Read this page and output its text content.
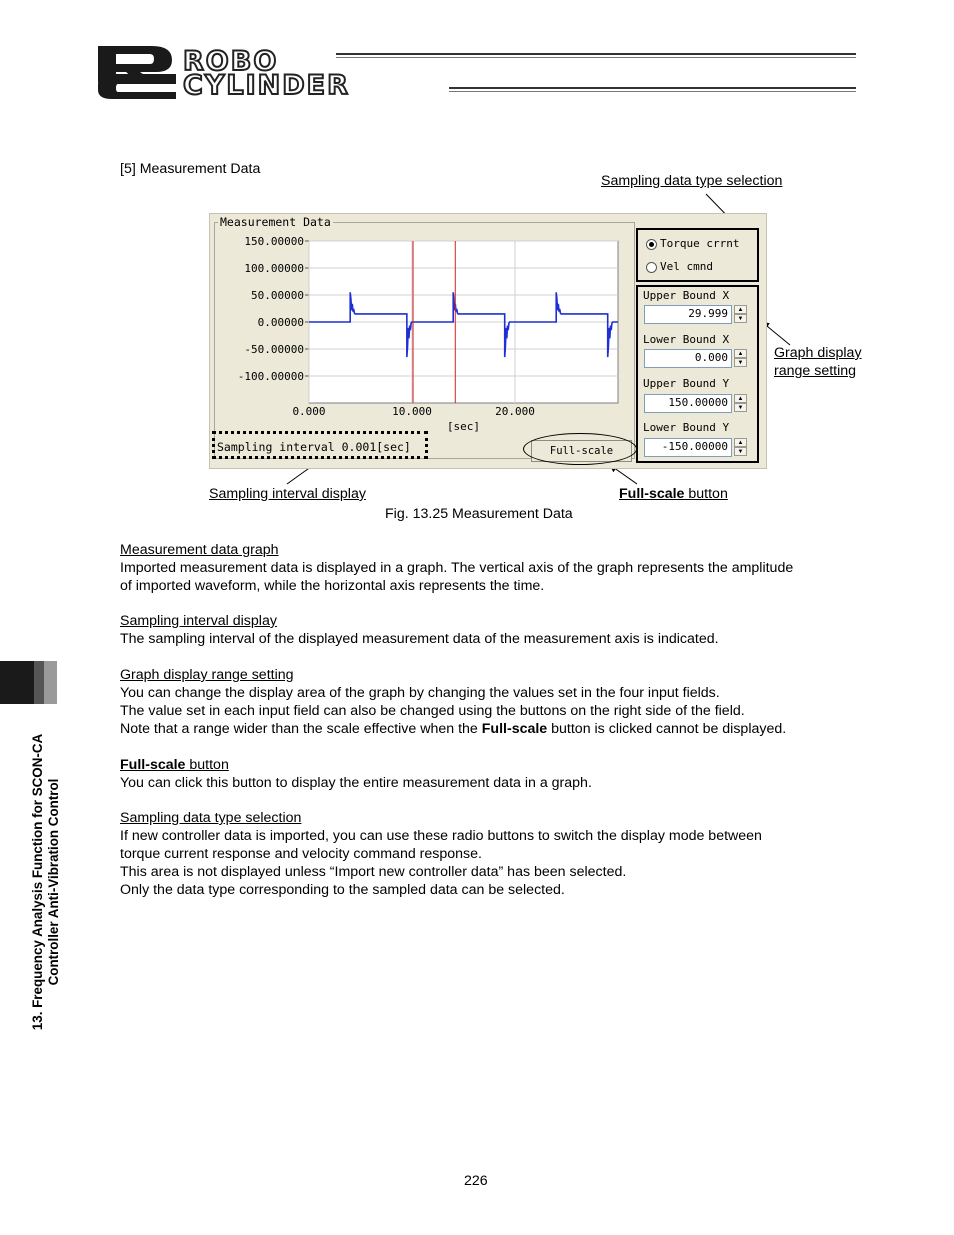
ROBO
CYLINDER
13. Frequency Analysis Function for SCON-CA Controller Anti-Vibration Control
[5] Measurement Data
Sampling data type selection
Graph display
range setting
Sampling interval display	Full-scale button
Fig. 13.25 Measurement Data
Measurement Data
150.00000
100.00000
50.00000
0.00000
-50.00000
-100.00000
0.000	10.000	20.000
[sec]
Sampling interval 0.001[sec]	Full-scale
Torque crrnt
Vel cmnd
Upper Bound X
29.999	▲
▼
Lower Bound X
0.000	▲
▼
Upper Bound Y
150.00000	▲
▼
Lower Bound Y
-150.00000	▲
▼
Measurement data graph
Imported measurement data is displayed in a graph. The vertical axis of the graph represents the amplitude
of imported waveform, while the horizontal axis represents the time.
Sampling interval display
The sampling interval of the displayed measurement data of the measurement axis is indicated.
Graph display range setting
You can change the display area of the graph by changing the values set in the four input fields.
The value set in each input field can also be changed using the buttons on the right side of the field.
Note that a range wider than the scale effective when the Full-scale button is clicked cannot be displayed.
Full-scale button
You can click this button to display the entire measurement data in a graph.
Sampling data type selection
If new controller data is imported, you can use these radio buttons to switch the display mode between
torque current response and velocity command response.
This area is not displayed unless “Import new controller data” has been selected.
Only the data type corresponding to the sampled data can be selected.
226
